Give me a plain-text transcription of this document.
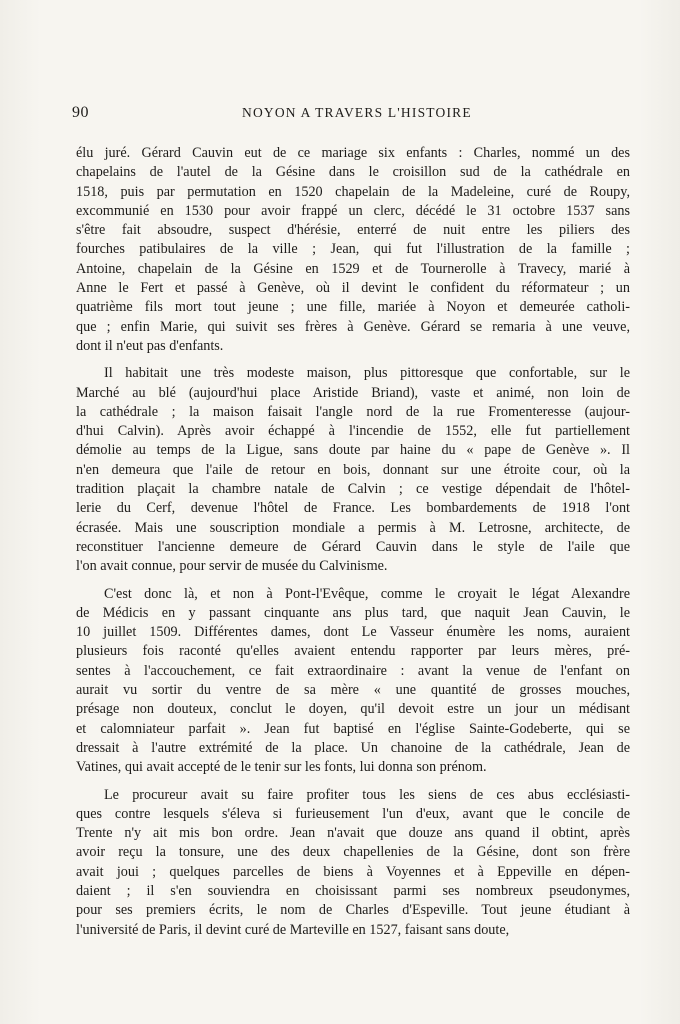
90	NOYON A TRAVERS L'HISTOIRE
élu juré. Gérard Cauvin eut de ce mariage six enfants : Charles, nommé un des
chapelains de l'autel de la Gésine dans le croisillon sud de la cathédrale en
1518, puis par permutation en 1520 chapelain de la Madeleine, curé de Roupy,
excommunié en 1530 pour avoir frappé un clerc, décédé le 31 octobre 1537 sans
s'être fait absoudre, suspect d'hérésie, enterré de nuit entre les piliers des
fourches patibulaires de la ville ; Jean, qui fut l'illustration de la famille ;
Antoine, chapelain de la Gésine en 1529 et de Tournerolle à Travecy, marié à
Anne le Fert et passé à Genève, où il devint le confident du réformateur ; un
quatrième fils mort tout jeune ; une fille, mariée à Noyon et demeurée catholi-
que ; enfin Marie, qui suivit ses frères à Genève. Gérard se remaria à une veuve,
dont il n'eut pas d'enfants.
Il habitait une très modeste maison, plus pittoresque que confortable, sur le
Marché au blé (aujourd'hui place Aristide Briand), vaste et animé, non loin de
la cathédrale ; la maison faisait l'angle nord de la rue Fromenteresse (aujour-
d'hui Calvin). Après avoir échappé à l'incendie de 1552, elle fut partiellement
démolie au temps de la Ligue, sans doute par haine du « pape de Genève ». Il
n'en demeura que l'aile de retour en bois, donnant sur une étroite cour, où la
tradition plaçait la chambre natale de Calvin ; ce vestige dépendait de l'hôtel-
lerie du Cerf, devenue l'hôtel de France. Les bombardements de 1918 l'ont
écrasée. Mais une souscription mondiale a permis à M. Letrosne, architecte, de
reconstituer l'ancienne demeure de Gérard Cauvin dans le style de l'aile que
l'on avait connue, pour servir de musée du Calvinisme.
C'est donc là, et non à Pont-l'Evêque, comme le croyait le légat Alexandre
de Médicis en y passant cinquante ans plus tard, que naquit Jean Cauvin, le
10 juillet 1509. Différentes dames, dont Le Vasseur énumère les noms, auraient
plusieurs fois raconté qu'elles avaient entendu rapporter par leurs mères, pré-
sentes à l'accouchement, ce fait extraordinaire : avant la venue de l'enfant on
aurait vu sortir du ventre de sa mère « une quantité de grosses mouches,
présage non douteux, conclut le doyen, qu'il devoit estre un jour un médisant
et calomniateur parfait ». Jean fut baptisé en l'église Sainte-Godeberte, qui se
dressait à l'autre extrémité de la place. Un chanoine de la cathédrale, Jean de
Vatines, qui avait accepté de le tenir sur les fonts, lui donna son prénom.
Le procureur avait su faire profiter tous les siens de ces abus ecclésiasti-
ques contre lesquels s'éleva si furieusement l'un d'eux, avant que le concile de
Trente n'y ait mis bon ordre. Jean n'avait que douze ans quand il obtint, après
avoir reçu la tonsure, une des deux chapellenies de la Gésine, dont son frère
avait joui ; quelques parcelles de biens à Voyennes et à Eppeville en dépen-
daient ; il s'en souviendra en choisissant parmi ses nombreux pseudonymes,
pour ses premiers écrits, le nom de Charles d'Espeville. Tout jeune étudiant à
l'université de Paris, il devint curé de Marteville en 1527, faisant sans doute,
